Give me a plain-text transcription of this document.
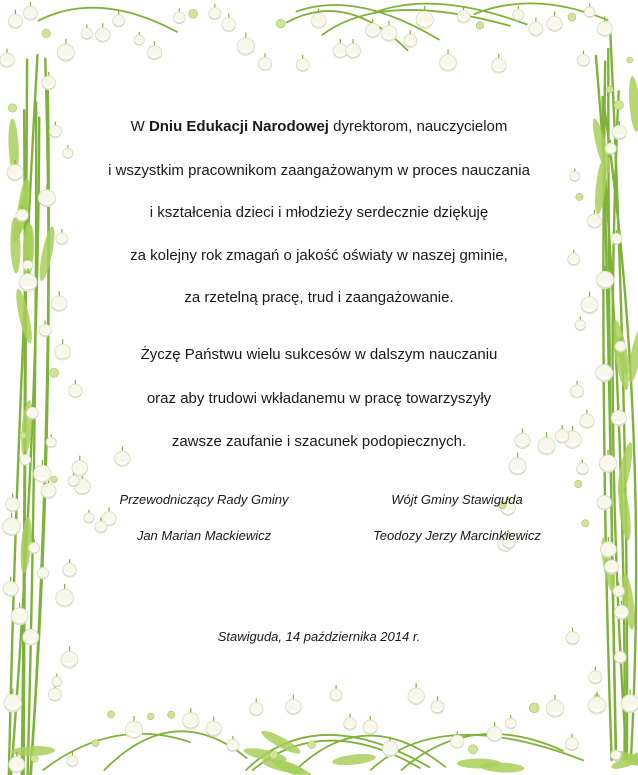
W Dniu Edukacji Narodowej dyrektorom, nauczycielom
i wszystkim pracownikom zaangażowanym w proces nauczania
i kształcenia dzieci i młodzieży serdecznie dziękuję
za kolejny rok zmagań o jakość oświaty w naszej gminie,
za rzetelną pracę, trud i zaangażowanie.
Życzę Państwu wielu sukcesów w dalszym nauczaniu
oraz aby trudowi wkładanemu w pracę towarzyszyły
zawsze zaufanie i szacunek podopiecznych.
Przewodniczący Rady Gminy
Jan Marian Mackiewicz
Wójt Gminy Stawiguda
Teodozy Jerzy Marcinkiewicz
Stawiguda, 14 października 2014 r.
